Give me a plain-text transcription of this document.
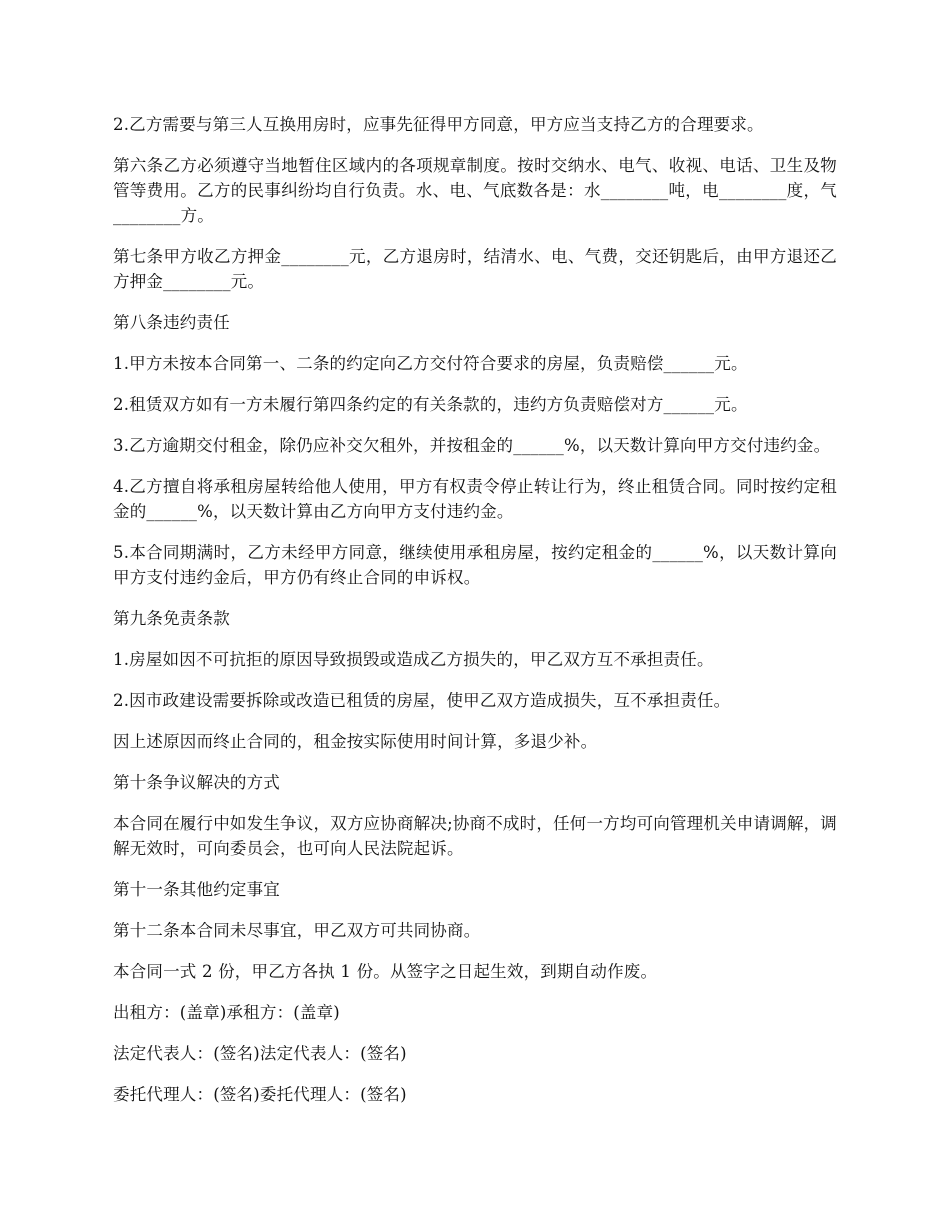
2.乙方需要与第三人互换用房时，应事先征得甲方同意，甲方应当支持乙方的合理要求。

第六条乙方必须遵守当地暂住区域内的各项规章制度。按时交纳水、电气、收视、电话、卫生及物管等费用。乙方的民事纠纷均自行负责。水、电、气底数各是：水________吨，电________度，气________方。

第七条甲方收乙方押金________元，乙方退房时，结清水、电、气费，交还钥匙后，由甲方退还乙方押金________元。

第八条违约责任

1.甲方未按本合同第一、二条的约定向乙方交付符合要求的房屋，负责赔偿______元。

2.租赁双方如有一方未履行第四条约定的有关条款的，违约方负责赔偿对方______元。

3.乙方逾期交付租金，除仍应补交欠租外，并按租金的______%，以天数计算向甲方交付违约金。

4.乙方擅自将承租房屋转给他人使用，甲方有权责令停止转让行为，终止租赁合同。同时按约定租金的______%，以天数计算由乙方向甲方支付违约金。

5.本合同期满时，乙方未经甲方同意，继续使用承租房屋，按约定租金的______%，以天数计算向甲方支付违约金后，甲方仍有终止合同的申诉权。

第九条免责条款

1.房屋如因不可抗拒的原因导致损毁或造成乙方损失的，甲乙双方互不承担责任。

2.因市政建设需要拆除或改造已租赁的房屋，使甲乙双方造成损失，互不承担责任。

因上述原因而终止合同的，租金按实际使用时间计算，多退少补。

第十条争议解决的方式

本合同在履行中如发生争议，双方应协商解决;协商不成时，任何一方均可向管理机关申请调解，调解无效时，可向委员会，也可向人民法院起诉。

第十一条其他约定事宜

第十二条本合同未尽事宜，甲乙双方可共同协商。

本合同一式 2 份，甲乙方各执 1 份。从签字之日起生效，到期自动作废。

出租方：(盖章)承租方：(盖章)

法定代表人：(签名)法定代表人：(签名)

委托代理人：(签名)委托代理人：(签名)
